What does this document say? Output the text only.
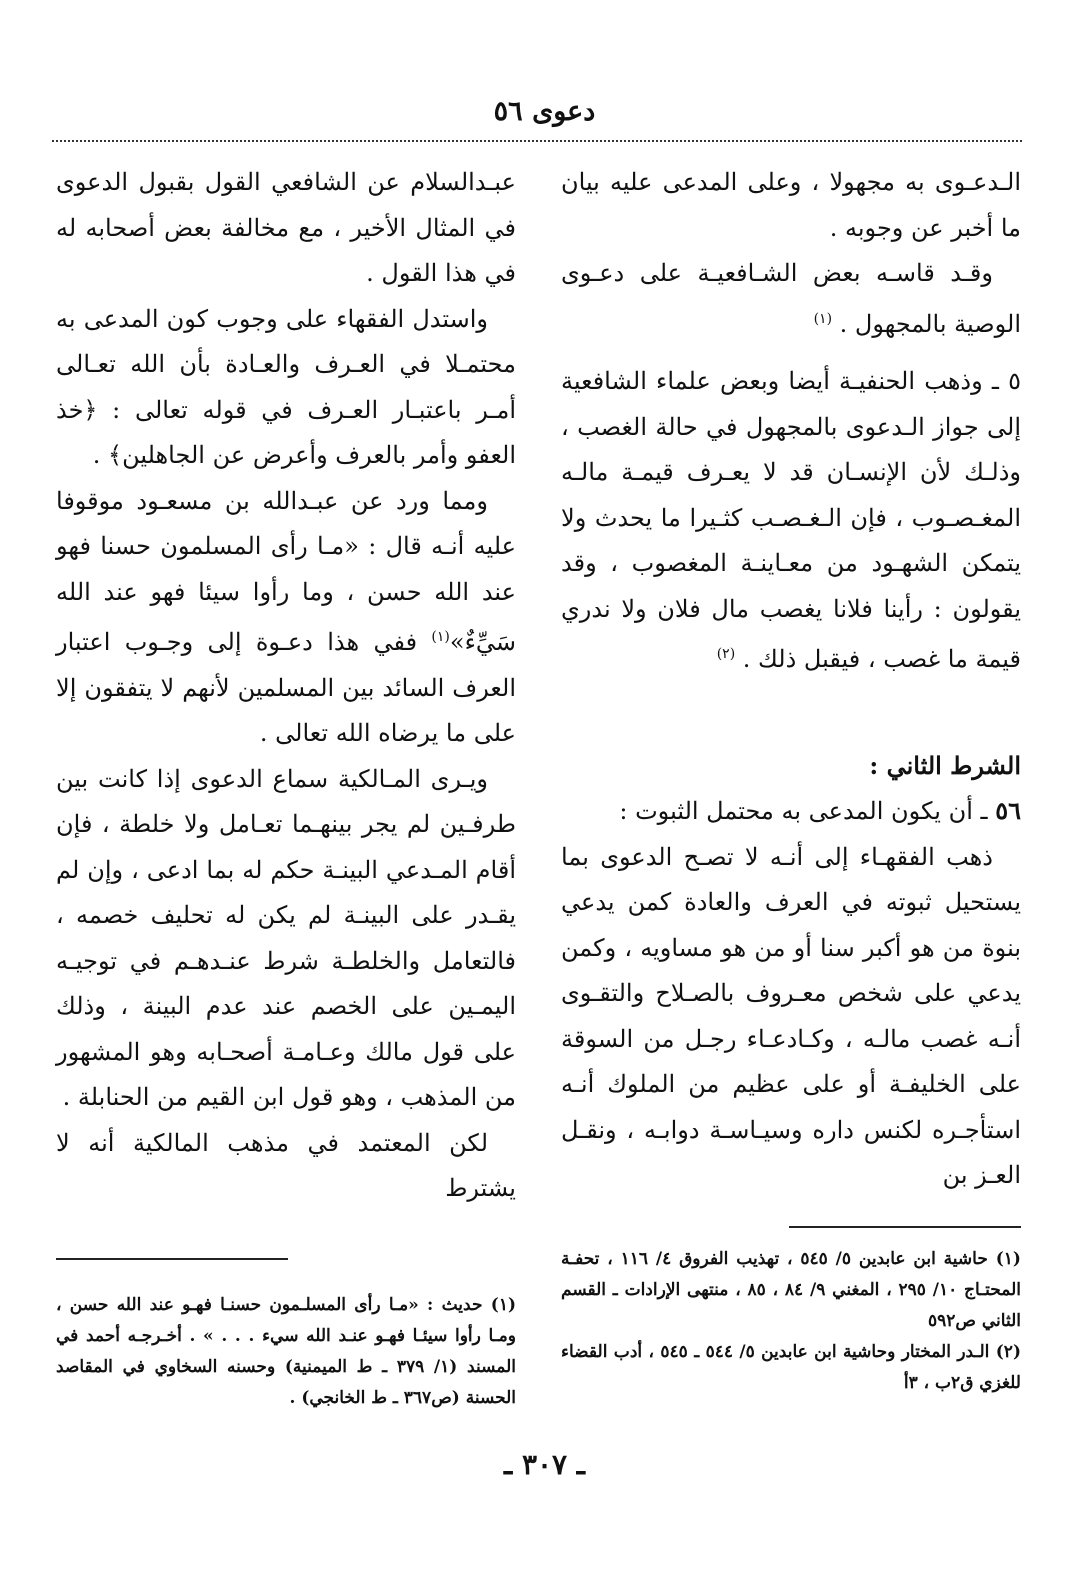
دعوى ٥٦

الـدعـوى به مجهولا ، وعلى المدعى عليه بيان ما أخبر عن وجوبه .

وقـد قاسـه بعض الشـافعيـة على دعـوى الوصية بالمجهول . $^{(١)}$

٥ ـ وذهب الحنفيـة أيضا وبعض علماء الشافعية إلى جواز الـدعوى بالمجهول في حالة الغصب ، وذلـك لأن الإنسـان قد لا يعـرف قيمـة مالـه المغـصـوب ، فإن الـغـصـب كثـيرا ما يحدث ولا يتمكن الشهـود من معـاينـة المغصوب ، وقد يقولون : رأينا فلانا يغصب مال فلان ولا ندري قيمة ما غصب ، فيقبل ذلك . $^{(٢)}$

الشرط الثاني :

٥٦ ـ أن يكون المدعى به محتمل الثبوت :

ذهب الفقهـاء إلى أنـه لا تصـح الدعوى بما يستحيل ثبوته في العرف والعادة كمن يدعي بنوة من هو أكبر سنا أو من هو مساويه ، وكمن يدعي على شخص معـروف بالصـلاح والتقـوى أنـه غصب مالـه ، وكـادعـاء رجـل من السوقة على الخليفـة أو على عظيم من الملوك أنـه استأجـره لكنس داره وسيـاسـة دوابـه ، ونقـل العـز بن

عبـدالسلام عن الشافعي القول بقبول الدعوى في المثال الأخير ، مع مخالفة بعض أصحابه له في هذا القول .

واستدل الفقهاء على وجوب كون المدعى به محتمـلا في العـرف والعـادة بأن الله تعـالى أمـر باعتبـار العـرف في قوله تعالى : ﴿خذ العفو وأمر بالعرف وأعرض عن الجاهلين﴾ .

ومما ورد عن عبـدالله بن مسعـود موقوفا عليه أنـه قال : «مـا رأى المسلمون حسنا فهو عند الله حسن ، وما رأوا سيئا فهو عند الله سَيِّءٌ»$^{(١)}$ ففي هذا دعـوة إلى وجـوب اعتبار العرف السائد بين المسلمين لأنهم لا يتفقون إلا على ما يرضاه الله تعالى .

ويـرى المـالكية سماع الدعوى إذا كانت بين طرفـين لم يجر بينهـما تعـامل ولا خلطة ، فإن أقام المـدعي البينـة حكم له بما ادعى ، وإن لم يقـدر على البينـة لم يكن له تحليف خصمه ، فالتعامل والخلطـة شرط عنـدهـم في توجيـه اليمـين على الخصم عند عدم البينة ، وذلك على قول مالك وعـامـة أصحـابه وهو المشهور من المذهب ، وهو قول ابن القيم من الحنابلة .

لكن المعتمد في مذهب المالكية أنه لا يشترط

(١) حاشية ابن عابدين ٥/ ٥٤٥ ، تهذيب الفروق ٤/ ١١٦ ، تحفـة المحتـاج ١٠/ ٢٩٥ ، المغني ٩/ ٨٤ ، ٨٥ ، منتهى الإرادات ـ القسم الثاني ص٥٩٢

(٢) الـدر المختار وحاشية ابن عابدين ٥/ ٥٤٤ ـ ٥٤٥ ، أدب القضاء للغزي ق٢ب ، ٣أ

(١) حديث : «مـا رأى المسلـمون حسنـا فهـو عند الله حسن ، ومـا رأوا سيئـا فهـو عنـد الله سيء . . . » . أخـرجـه أحمد في المسند (١/ ٣٧٩ ـ ط الميمنية) وحسنه السخاوي في المقاصد الحسنة (ص٣٦٧ ـ ط الخانجي) .

ـ ٣٠٧ ـ
